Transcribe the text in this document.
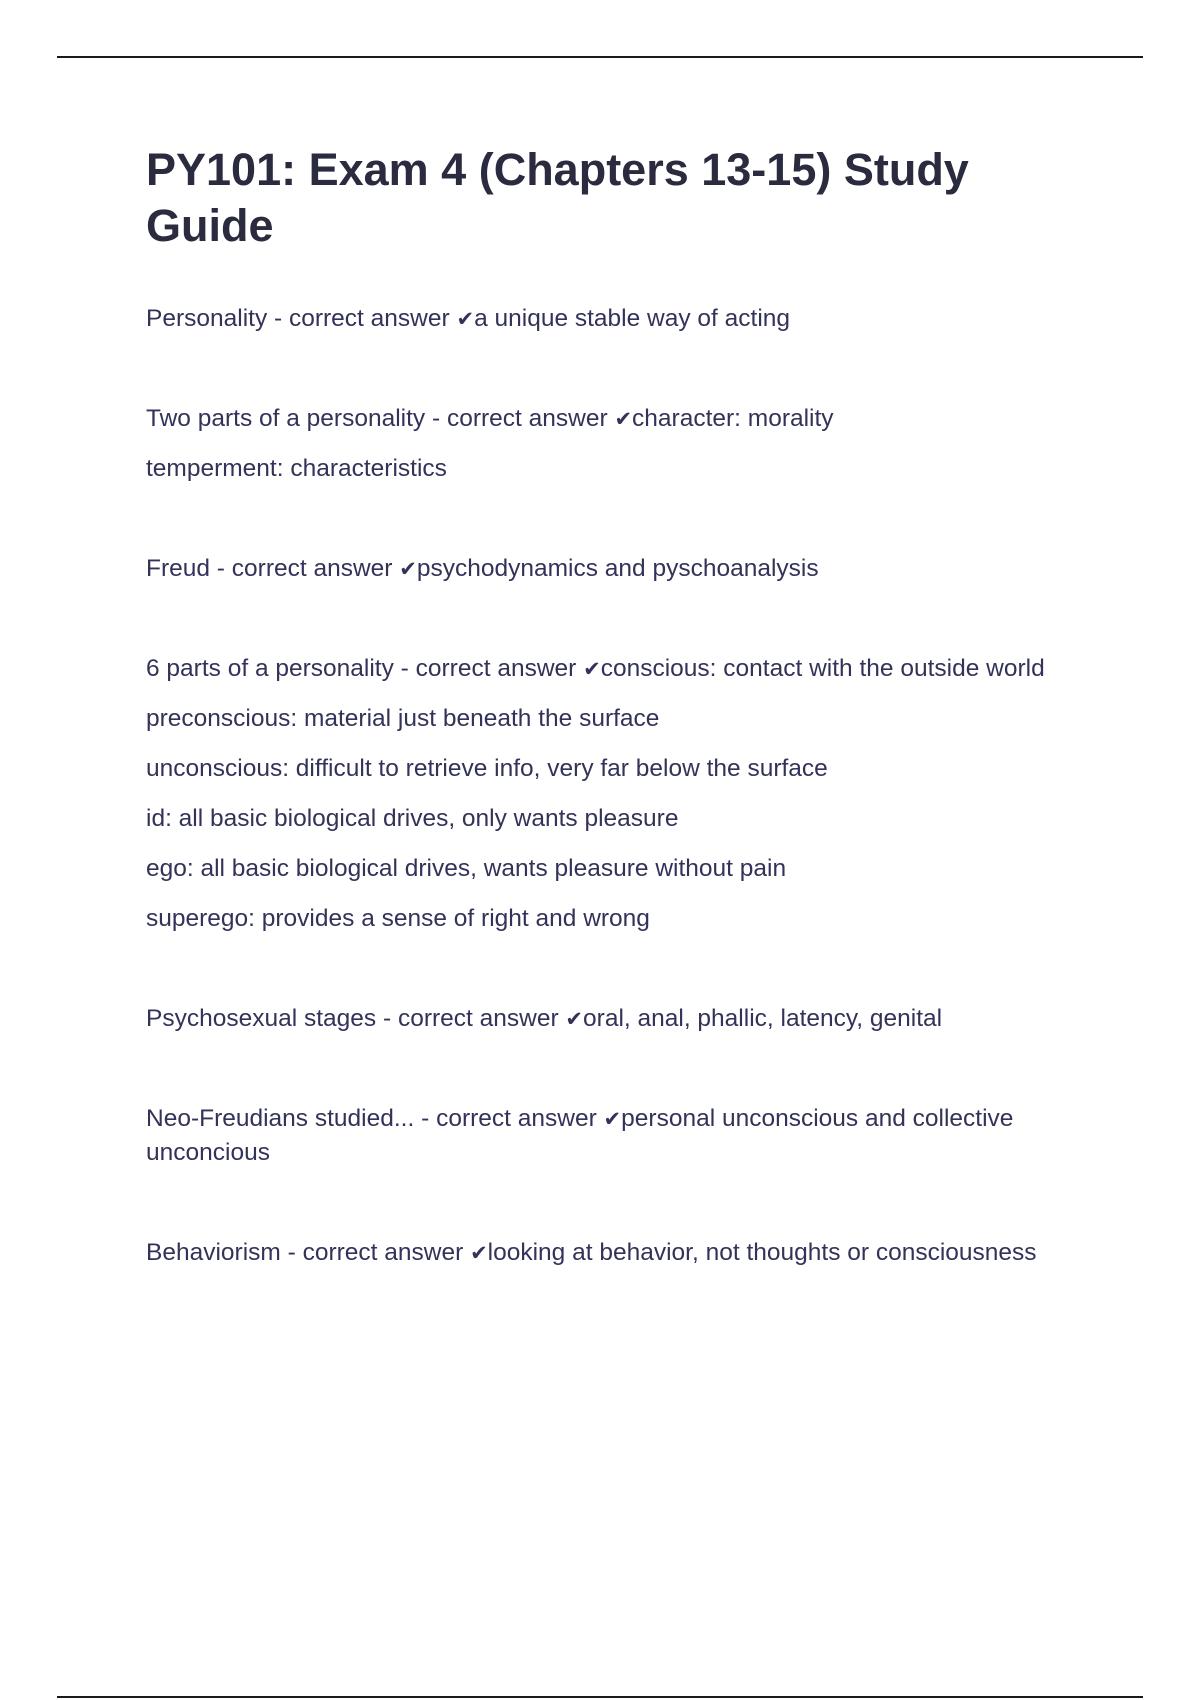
PY101: Exam 4 (Chapters 13-15) Study Guide

Personality - correct answer ✔a unique stable way of acting

Two parts of a personality - correct answer ✔character: morality

temperment: characteristics

Freud - correct answer ✔psychodynamics and pyschoanalysis

6 parts of a personality - correct answer ✔conscious: contact with the outside world

preconscious: material just beneath the surface

unconscious: difficult to retrieve info, very far below the surface

id: all basic biological drives, only wants pleasure

ego: all basic biological drives, wants pleasure without pain

superego: provides a sense of right and wrong

Psychosexual stages - correct answer ✔oral, anal, phallic, latency, genital

Neo-Freudians studied... - correct answer ✔personal unconscious and collective unconcious

Behaviorism - correct answer ✔looking at behavior, not thoughts or consciousness
